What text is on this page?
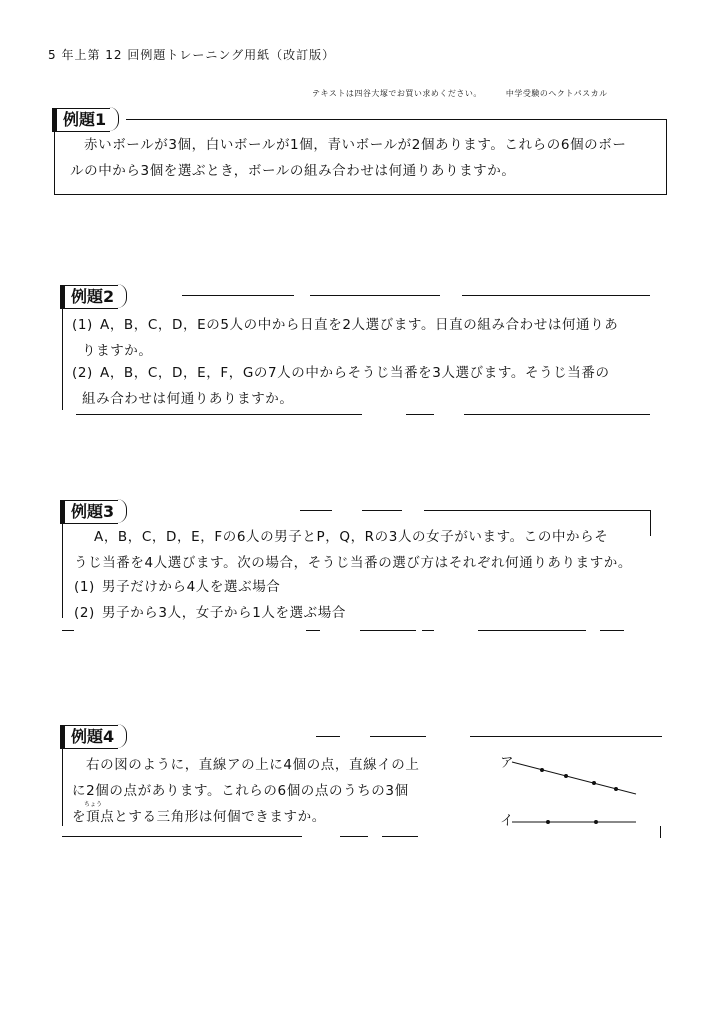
5 年上第 12 回例題トレーニング用紙（改訂版）
テキストは四谷大塚でお買い求めください。	中学受験のヘクトパスカル
例題1
赤いボールが3個，白いボールが1個，青いボールが2個あります。これらの6個のボー
ルの中から3個を選ぶとき，ボールの組み合わせは何通りありますか。
例題2
(1) A，B，C，D，Eの5人の中から日直を2人選びます。日直の組み合わせは何通りあ
りますか。
(2) A，B，C，D，E，F，Gの7人の中からそうじ当番を3人選びます。そうじ当番の
組み合わせは何通りありますか。
例題3
A，B，C，D，E，Fの6人の男子とP，Q，Rの3人の女子がいます。この中からそ
うじ当番を4人選びます。次の場合，そうじ当番の選び方はそれぞれ何通りありますか。
(1) 男子だけから4人を選ぶ場合
(2) 男子から3人，女子から1人を選ぶ場合
例題4
右の図のように，直線アの上に4個の点，直線イの上
に2個の点があります。これらの6個の点のうちの3個
を頂点とする三角形は何個できますか。
ちょう
ア
イ
